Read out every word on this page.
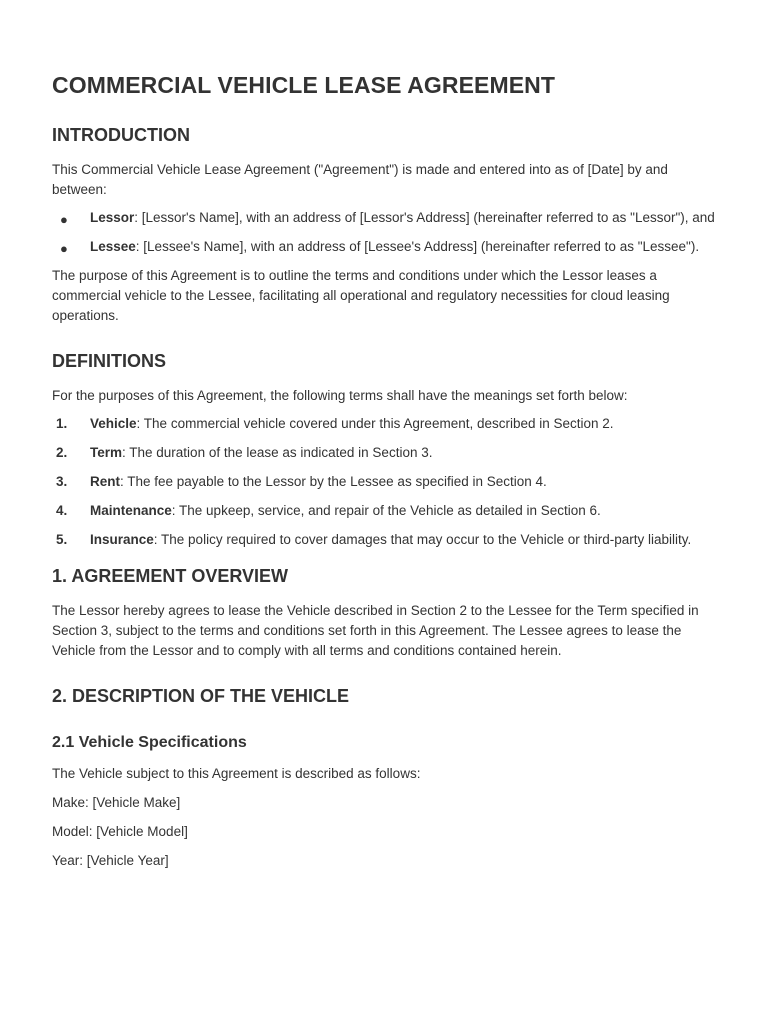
COMMERCIAL VEHICLE LEASE AGREEMENT
INTRODUCTION

This Commercial Vehicle Lease Agreement ("Agreement") is made and entered into as of [Date] by and between:

● Lessor: [Lessor's Name], with an address of [Lessor's Address] (hereinafter referred to as "Lessor"), and
● Lessee: [Lessee's Name], with an address of [Lessee's Address] (hereinafter referred to as "Lessee").

The purpose of this Agreement is to outline the terms and conditions under which the Lessor leases a commercial vehicle to the Lessee, facilitating all operational and regulatory necessities for cloud leasing operations.

DEFINITIONS

For the purposes of this Agreement, the following terms shall have the meanings set forth below:

1. Vehicle: The commercial vehicle covered under this Agreement, described in Section 2.
2. Term: The duration of the lease as indicated in Section 3.
3. Rent: The fee payable to the Lessor by the Lessee as specified in Section 4.
4. Maintenance: The upkeep, service, and repair of the Vehicle as detailed in Section 6.
5. Insurance: The policy required to cover damages that may occur to the Vehicle or third-party liability.
1. AGREEMENT OVERVIEW

The Lessor hereby agrees to lease the Vehicle described in Section 2 to the Lessee for the Term specified in Section 3, subject to the terms and conditions set forth in this Agreement. The Lessee agrees to lease the Vehicle from the Lessor and to comply with all terms and conditions contained herein.

2. DESCRIPTION OF THE VEHICLE
2.1 Vehicle Specifications

The Vehicle subject to this Agreement is described as follows:

Make: [Vehicle Make]

Model: [Vehicle Model]

Year: [Vehicle Year]
